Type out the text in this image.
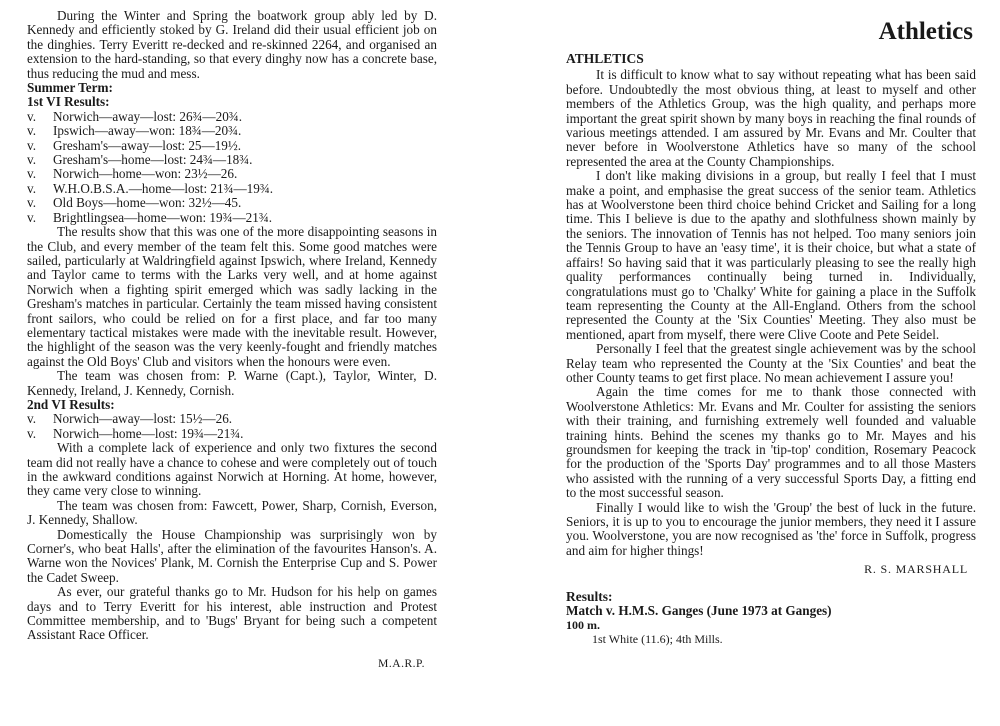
During the Winter and Spring the boatwork group ably led by D. Kennedy and efficiently stoked by G. Ireland did their usual efficient job on the dinghies. Terry Everitt re-decked and re-skinned 2264, and organised an extension to the hard-standing, so that every dinghy now has a concrete base, thus reducing the mud and mess.

Summer Term:
1st VI Results:
v.	Norwich—away—lost: 26¾—20¾.
v.	Ipswich—away—won: 18¾—20¾.
v.	Gresham's—away—lost: 25—19½.
v.	Gresham's—home—lost: 24¾—18¾.
v.	Norwich—home—won: 23½—26.
v.	W.H.O.B.S.A.—home—lost: 21¾—19¾.
v.	Old Boys—home—won: 32½—45.
v.	Brightlingsea—home—won: 19¾—21¾.

The results show that this was one of the more disappointing seasons in the Club, and every member of the team felt this. Some good matches were sailed, particularly at Waldringfield against Ipswich, where Ireland, Kennedy and Taylor came to terms with the Larks very well, and at home against Norwich when a fighting spirit emerged which was sadly lacking in the Gresham's matches in particular. Certainly the team missed having consistent front sailors, who could be relied on for a first place, and far too many elementary tactical mistakes were made with the inevitable result. However, the highlight of the season was the very keenly-fought and friendly matches against the Old Boys' Club and visitors when the honours were even.

The team was chosen from: P. Warne (Capt.), Taylor, Winter, D. Kennedy, Ireland, J. Kennedy, Cornish.

2nd VI Results:
v.	Norwich—away—lost: 15½—26.
v.	Norwich—home—lost: 19¾—21¾.

With a complete lack of experience and only two fixtures the second team did not really have a chance to cohese and were completely out of touch in the awkward conditions against Norwich at Horning. At home, however, they came very close to winning.

The team was chosen from: Fawcett, Power, Sharp, Cornish, Everson, J. Kennedy, Shallow.

Domestically the House Championship was surprisingly won by Corner's, who beat Halls', after the elimination of the favourites Hanson's. A. Warne won the Novices' Plank, M. Cornish the Enterprise Cup and S. Power the Cadet Sweep.

As ever, our grateful thanks go to Mr. Hudson for his help on games days and to Terry Everitt for his interest, able instruction and Protest Committee membership, and to 'Bugs' Bryant for being such a competent Assistant Race Officer.

M.A.R.P.
Athletics
ATHLETICS

It is difficult to know what to say without repeating what has been said before. Undoubtedly the most obvious thing, at least to myself and other members of the Athletics Group, was the high quality, and perhaps more important the great spirit shown by many boys in reaching the final rounds of various meetings attended. I am assured by Mr. Evans and Mr. Coulter that never before in Woolverstone Athletics have so many of the school represented the area at the County Championships.

I don't like making divisions in a group, but really I feel that I must make a point, and emphasise the great success of the senior team. Athletics has at Woolverstone been third choice behind Cricket and Sailing for a long time. This I believe is due to the apathy and slothfulness shown mainly by the seniors. The innovation of Tennis has not helped. Too many seniors join the Tennis Group to have an 'easy time', it is their choice, but what a state of affairs! So having said that it was particularly pleasing to see the really high quality performances continually being turned in. Individually, congratulations must go to 'Chalky' White for gaining a place in the Suffolk team representing the County at the All-England. Others from the school represented the County at the 'Six Counties' Meeting. They also must be mentioned, apart from myself, there were Clive Coote and Pete Seidel.

Personally I feel that the greatest single achievement was by the school Relay team who represented the County at the 'Six Counties' and beat the other County teams to get first place. No mean achievement I assure you!

Again the time comes for me to thank those connected with Woolverstone Athletics: Mr. Evans and Mr. Coulter for assisting the seniors with their training, and furnishing extremely well founded and valuable training hints. Behind the scenes my thanks go to Mr. Mayes and his groundsmen for keeping the track in 'tip-top' condition, Rosemary Peacock for the production of the 'Sports Day' programmes and to all those Masters who assisted with the running of a very successful Sports Day, a fitting end to the most successful season.

Finally I would like to wish the 'Group' the best of luck in the future. Seniors, it is up to you to encourage the junior members, they need it I assure you. Woolverstone, you are now recognised as 'the' force in Suffolk, progress and aim for higher things!

R. S. MARSHALL
Results:
Match v. H.M.S. Ganges (June 1973 at Ganges)
100 m.
1st White (11.6); 4th Mills.
